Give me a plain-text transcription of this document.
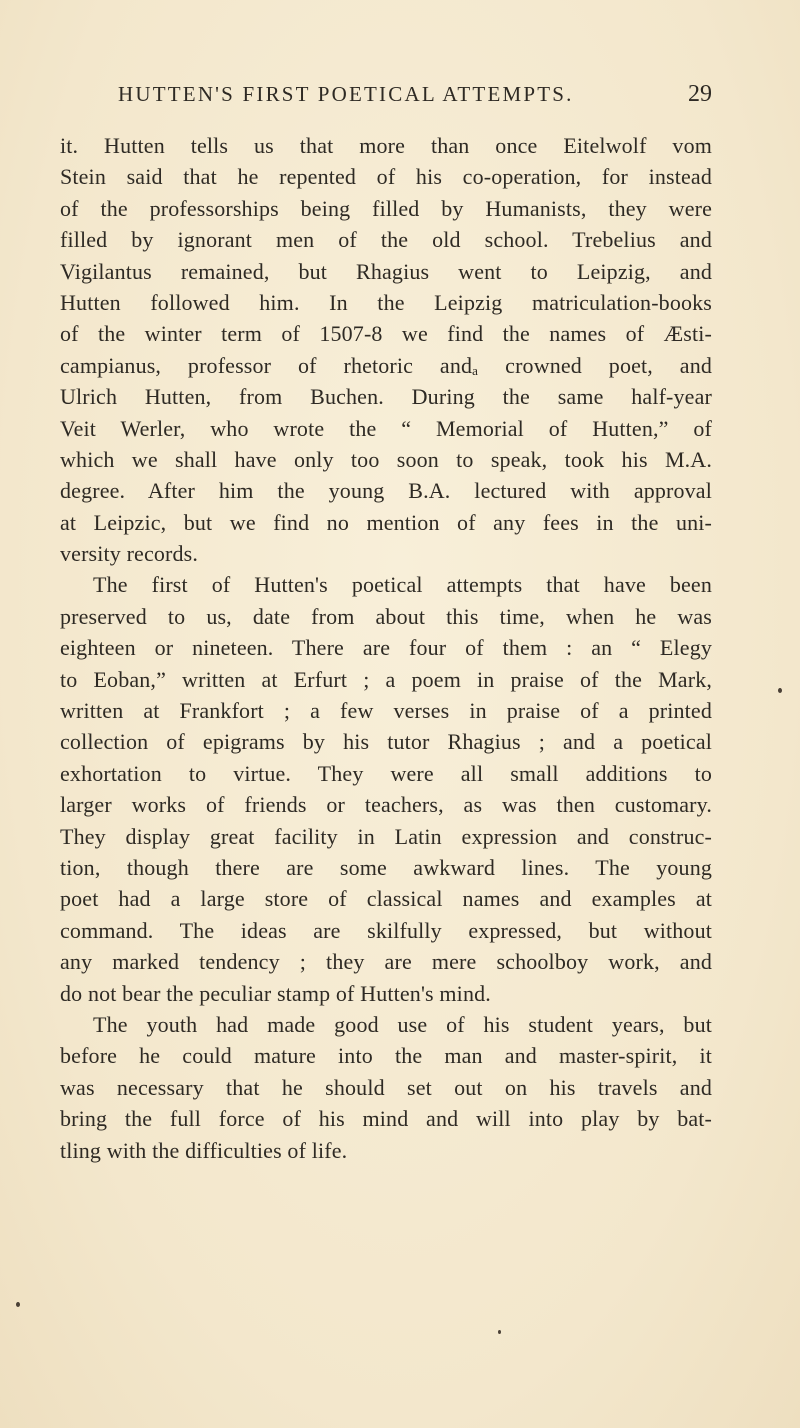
HUTTEN'S FIRST POETICAL ATTEMPTS.	29
it. Hutten tells us that more than once Eitelwolf vom
Stein said that he repented of his co-operation, for instead
of the professorships being filled by Humanists, they were
filled by ignorant men of the old school. Trebelius and
Vigilantus remained, but Rhagius went to Leipzig, and
Hutten followed him. In the Leipzig matriculation-books
of the winter term of 1507-8 we find the names of Æsti-
campianus, professor of rhetoric andₐ crowned poet, and
Ulrich Hutten, from Buchen. During the same half-year
Veit Werler, who wrote the “ Memorial of Hutten,” of
which we shall have only too soon to speak, took his M.A.
degree. After him the young B.A. lectured with approval
at Leipzic, but we find no mention of any fees in the uni-
versity records.
The first of Hutten's poetical attempts that have been
preserved to us, date from about this time, when he was
eighteen or nineteen. There are four of them : an “ Elegy
to Eoban,” written at Erfurt ; a poem in praise of the Mark,
written at Frankfort ; a few verses in praise of a printed
collection of epigrams by his tutor Rhagius ; and a poetical
exhortation to virtue. They were all small additions to
larger works of friends or teachers, as was then customary.
They display great facility in Latin expression and construc-
tion, though there are some awkward lines. The young
poet had a large store of classical names and examples at
command. The ideas are skilfully expressed, but without
any marked tendency ; they are mere schoolboy work, and
do not bear the peculiar stamp of Hutten's mind.
The youth had made good use of his student years, but
before he could mature into the man and master-spirit, it
was necessary that he should set out on his travels and
bring the full force of his mind and will into play by bat-
tling with the difficulties of life.
